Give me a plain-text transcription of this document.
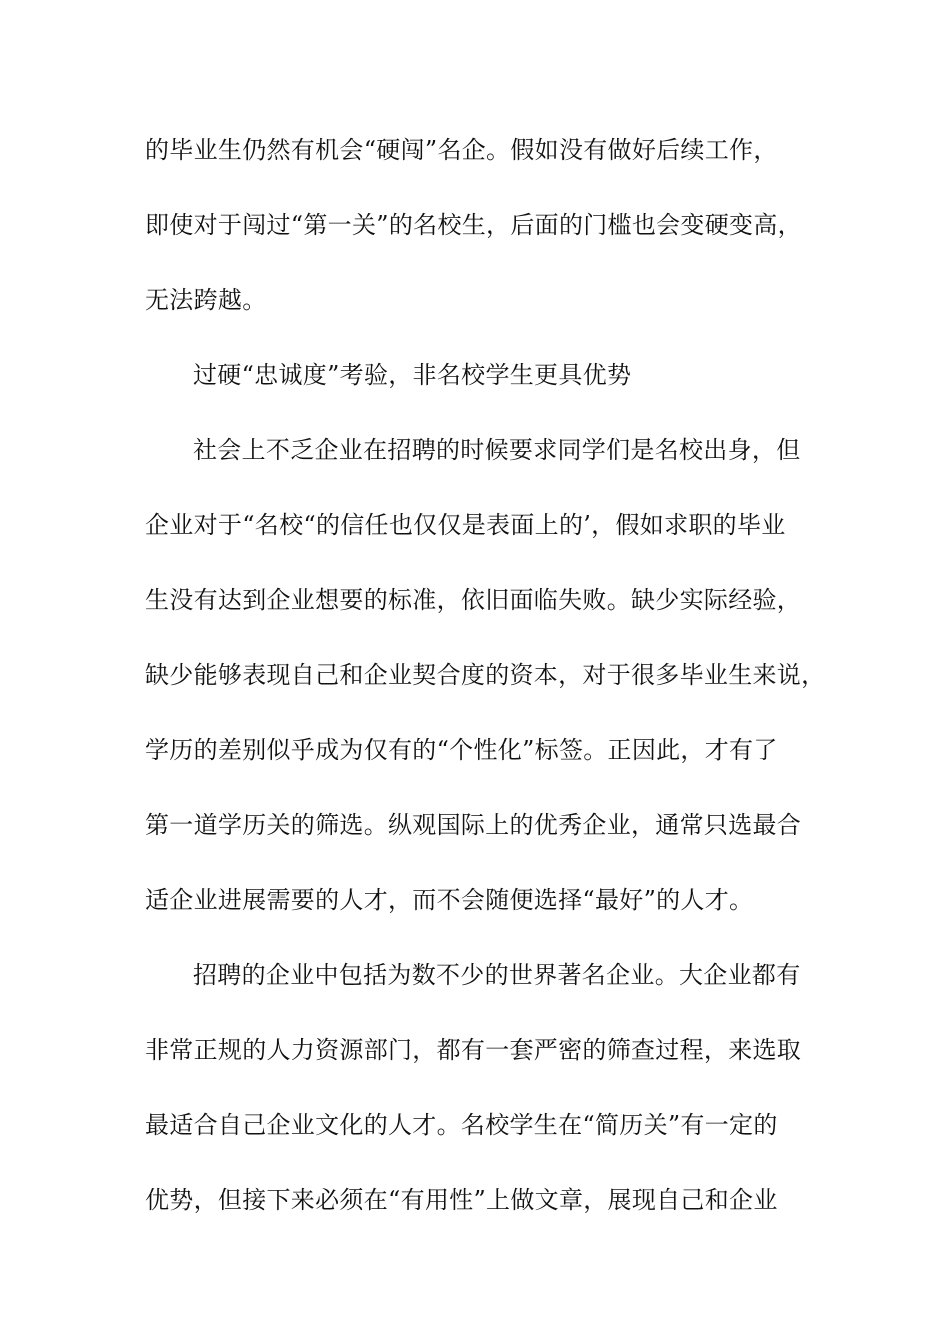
的毕业生仍然有机会“硬闯”名企。假如没有做好后续工作，
即使对于闯过“第一关”的名校生，后面的门槛也会变硬变高，
无法跨越。
过硬“忠诚度”考验，非名校学生更具优势
社会上不乏企业在招聘的时候要求同学们是名校出身，但
企业对于“名校“的信任也仅仅是表面上的’，假如求职的毕业
生没有达到企业想要的标准，依旧面临失败。缺少实际经验，
缺少能够表现自己和企业契合度的资本，对于很多毕业生来说，
学历的差别似乎成为仅有的“个性化”标签。正因此，才有了
第一道学历关的筛选。纵观国际上的优秀企业，通常只选最合
适企业进展需要的人才，而不会随便选择“最好”的人才。
招聘的企业中包括为数不少的世界著名企业。大企业都有
非常正规的人力资源部门，都有一套严密的筛查过程，来选取
最适合自己企业文化的人才。名校学生在“简历关”有一定的
优势，但接下来必须在“有用性”上做文章，展现自己和企业
